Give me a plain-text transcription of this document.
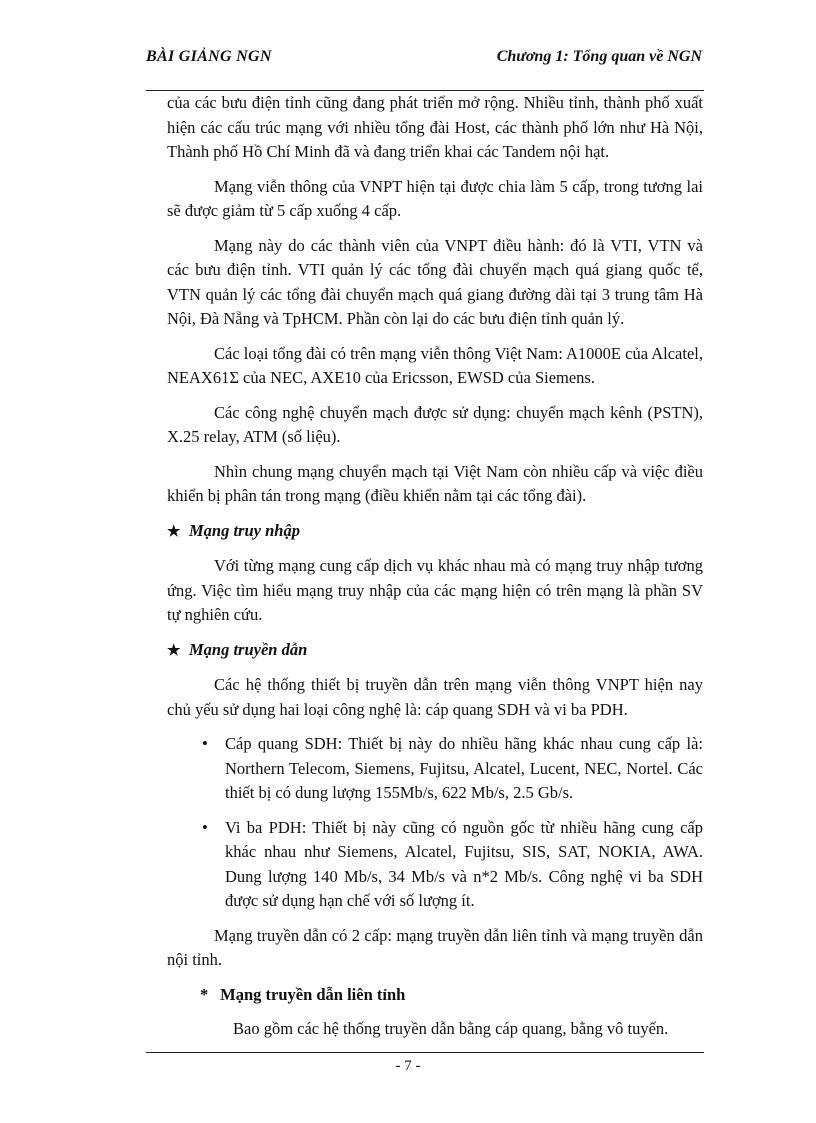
BÀI GIẢNG NGN	Chương 1: Tổng quan về NGN

của các bưu điện tỉnh cũng đang phát triển mở rộng. Nhiều tỉnh, thành phố xuất hiện các cấu trúc mạng với nhiều tổng đài Host, các thành phố lớn như Hà Nội, Thành phố Hồ Chí Minh đã và đang triển khai các Tandem nội hạt.

Mạng viễn thông của VNPT hiện tại được chia làm 5 cấp, trong tương lai sẽ được giảm từ 5 cấp xuống 4 cấp.

Mạng này do các thành viên của VNPT điều hành: đó là VTI, VTN và các bưu điện tỉnh. VTI quản lý các tổng đài chuyển mạch quá giang quốc tế, VTN quản lý các tổng đài chuyển mạch quá giang đường dài tại 3 trung tâm Hà Nội, Đà Nẵng và TpHCM. Phần còn lại do các bưu điện tỉnh quản lý.

Các loại tổng đài có trên mạng viễn thông Việt Nam: A1000E của Alcatel, NEAX61Σ của NEC, AXE10 của Ericsson, EWSD của Siemens.

Các công nghệ chuyển mạch được sử dụng: chuyển mạch kênh (PSTN), X.25 relay, ATM (số liệu).

Nhìn chung mạng chuyển mạch tại Việt Nam còn nhiều cấp và việc điều khiển bị phân tán trong mạng (điều khiển nằm tại các tổng đài).

★ Mạng truy nhập

Với từng mạng cung cấp dịch vụ khác nhau mà có mạng truy nhập tương ứng. Việc tìm hiểu mạng truy nhập của các mạng hiện có trên mạng là phần SV tự nghiên cứu.

★ Mạng truyền dẫn

Các hệ thống thiết bị truyền dẫn trên mạng viễn thông VNPT hiện nay chủ yếu sử dụng hai loại công nghệ là: cáp quang SDH và vi ba PDH.

• Cáp quang SDH: Thiết bị này do nhiều hãng khác nhau cung cấp là: Northern Telecom, Siemens, Fujitsu, Alcatel, Lucent, NEC, Nortel. Các thiết bị có dung lượng 155Mb/s, 622 Mb/s, 2.5 Gb/s.
• Vi ba PDH: Thiết bị này cũng có nguồn gốc từ nhiều hãng cung cấp khác nhau như Siemens, Alcatel, Fujitsu, SIS, SAT, NOKIA, AWA. Dung lượng 140 Mb/s, 34 Mb/s và n*2 Mb/s. Công nghệ vi ba SDH được sử dụng hạn chế với số lượng ít.

Mạng truyền dẫn có 2 cấp: mạng truyền dẫn liên tỉnh và mạng truyền dẫn nội tỉnh.

* Mạng truyền dẫn liên tỉnh

Bao gồm các hệ thống truyền dẫn bằng cáp quang, bằng vô tuyến.

- 7 -
